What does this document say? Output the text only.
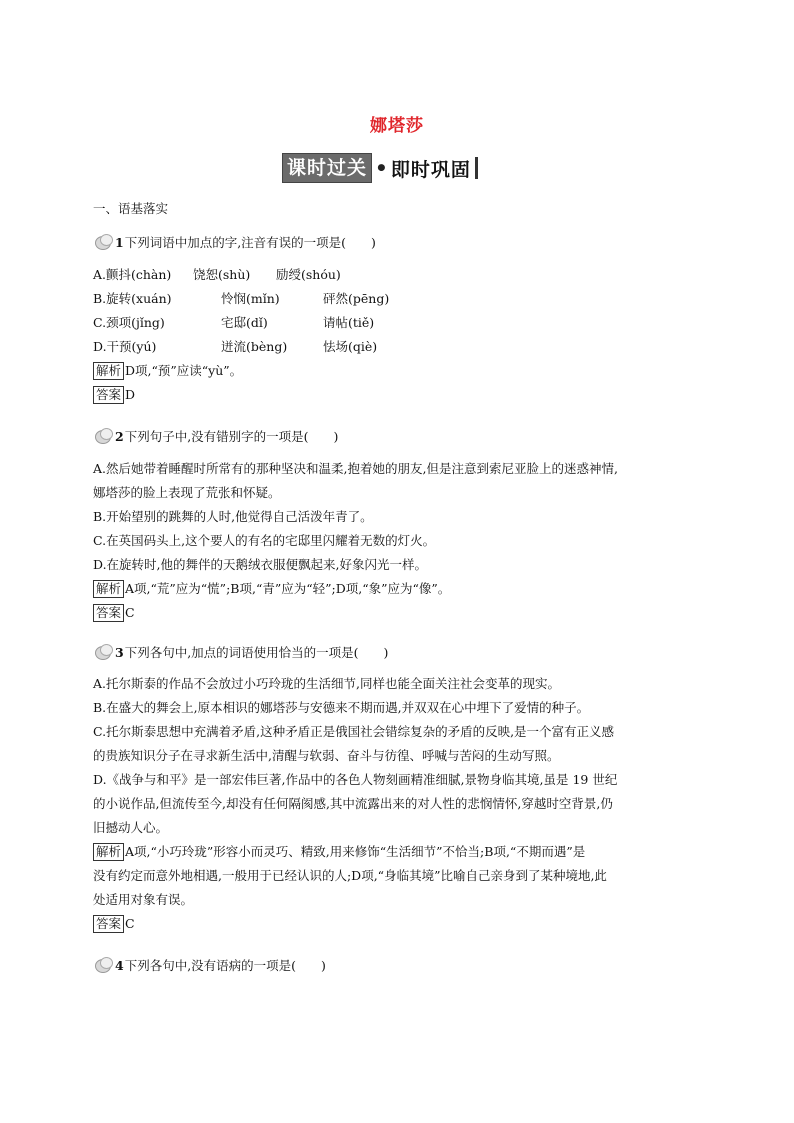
娜塔莎
课时过关 • 即时巩固
一、语基落实
1 下列词语中加点的字,注音有误的一项是(　　)
A.颤抖(chàn)	饶恕(shù)	励绶(shóu)
B.旋转(xuán)	怜悯(mǐn)	砰然(pēng)
C.颈项(jǐng)	宅邸(dǐ)	请帖(tiě)
D.干预(yú)	迸流(bèng)	怯场(qiè)
解析 D项,“预”应读“yù”。
答案 D
2 下列句子中,没有错别字的一项是(　　)
A.然后她带着睡醒时所常有的那种坚决和温柔,抱着她的朋友,但是注意到索尼亚脸上的迷惑神情,
娜塔莎的脸上表现了荒张和怀疑。
B.开始望别的跳舞的人时,他觉得自己活泼年青了。
C.在英国码头上,这个要人的有名的宅邸里闪耀着无数的灯火。
D.在旋转时,他的舞伴的天鹅绒衣服便飘起来,好象闪光一样。
解析 A项,“荒”应为“慌”;B项,“青”应为“轻”;D项,“象”应为“像”。
答案 C
3 下列各句中,加点的词语使用恰当的一项是(　　)
A.托尔斯泰的作品不会放过小巧玲珑的生活细节,同样也能全面关注社会变革的现实。
B.在盛大的舞会上,原本相识的娜塔莎与安德来不期而遇,并双双在心中埋下了爱情的种子。
C.托尔斯泰思想中充满着矛盾,这种矛盾正是俄国社会错综复杂的矛盾的反映,是一个富有正义感
的贵族知识分子在寻求新生活中,清醒与软弱、奋斗与彷徨、呼喊与苦闷的生动写照。
D.《战争与和平》是一部宏伟巨著,作品中的各色人物刻画精准细腻,景物身临其境,虽是 19 世纪
的小说作品,但流传至今,却没有任何隔阂感,其中流露出来的对人性的悲悯情怀,穿越时空背景,仍
旧撼动人心。
解析 A项,“小巧玲珑”形容小而灵巧、精致,用来修饰“生活细节”不恰当;B项,“不期而遇”是
没有约定而意外地相遇,一般用于已经认识的人;D项,“身临其境”比喻自己亲身到了某种境地,此
处适用对象有误。
答案 C
4 下列各句中,没有语病的一项是(　　)
